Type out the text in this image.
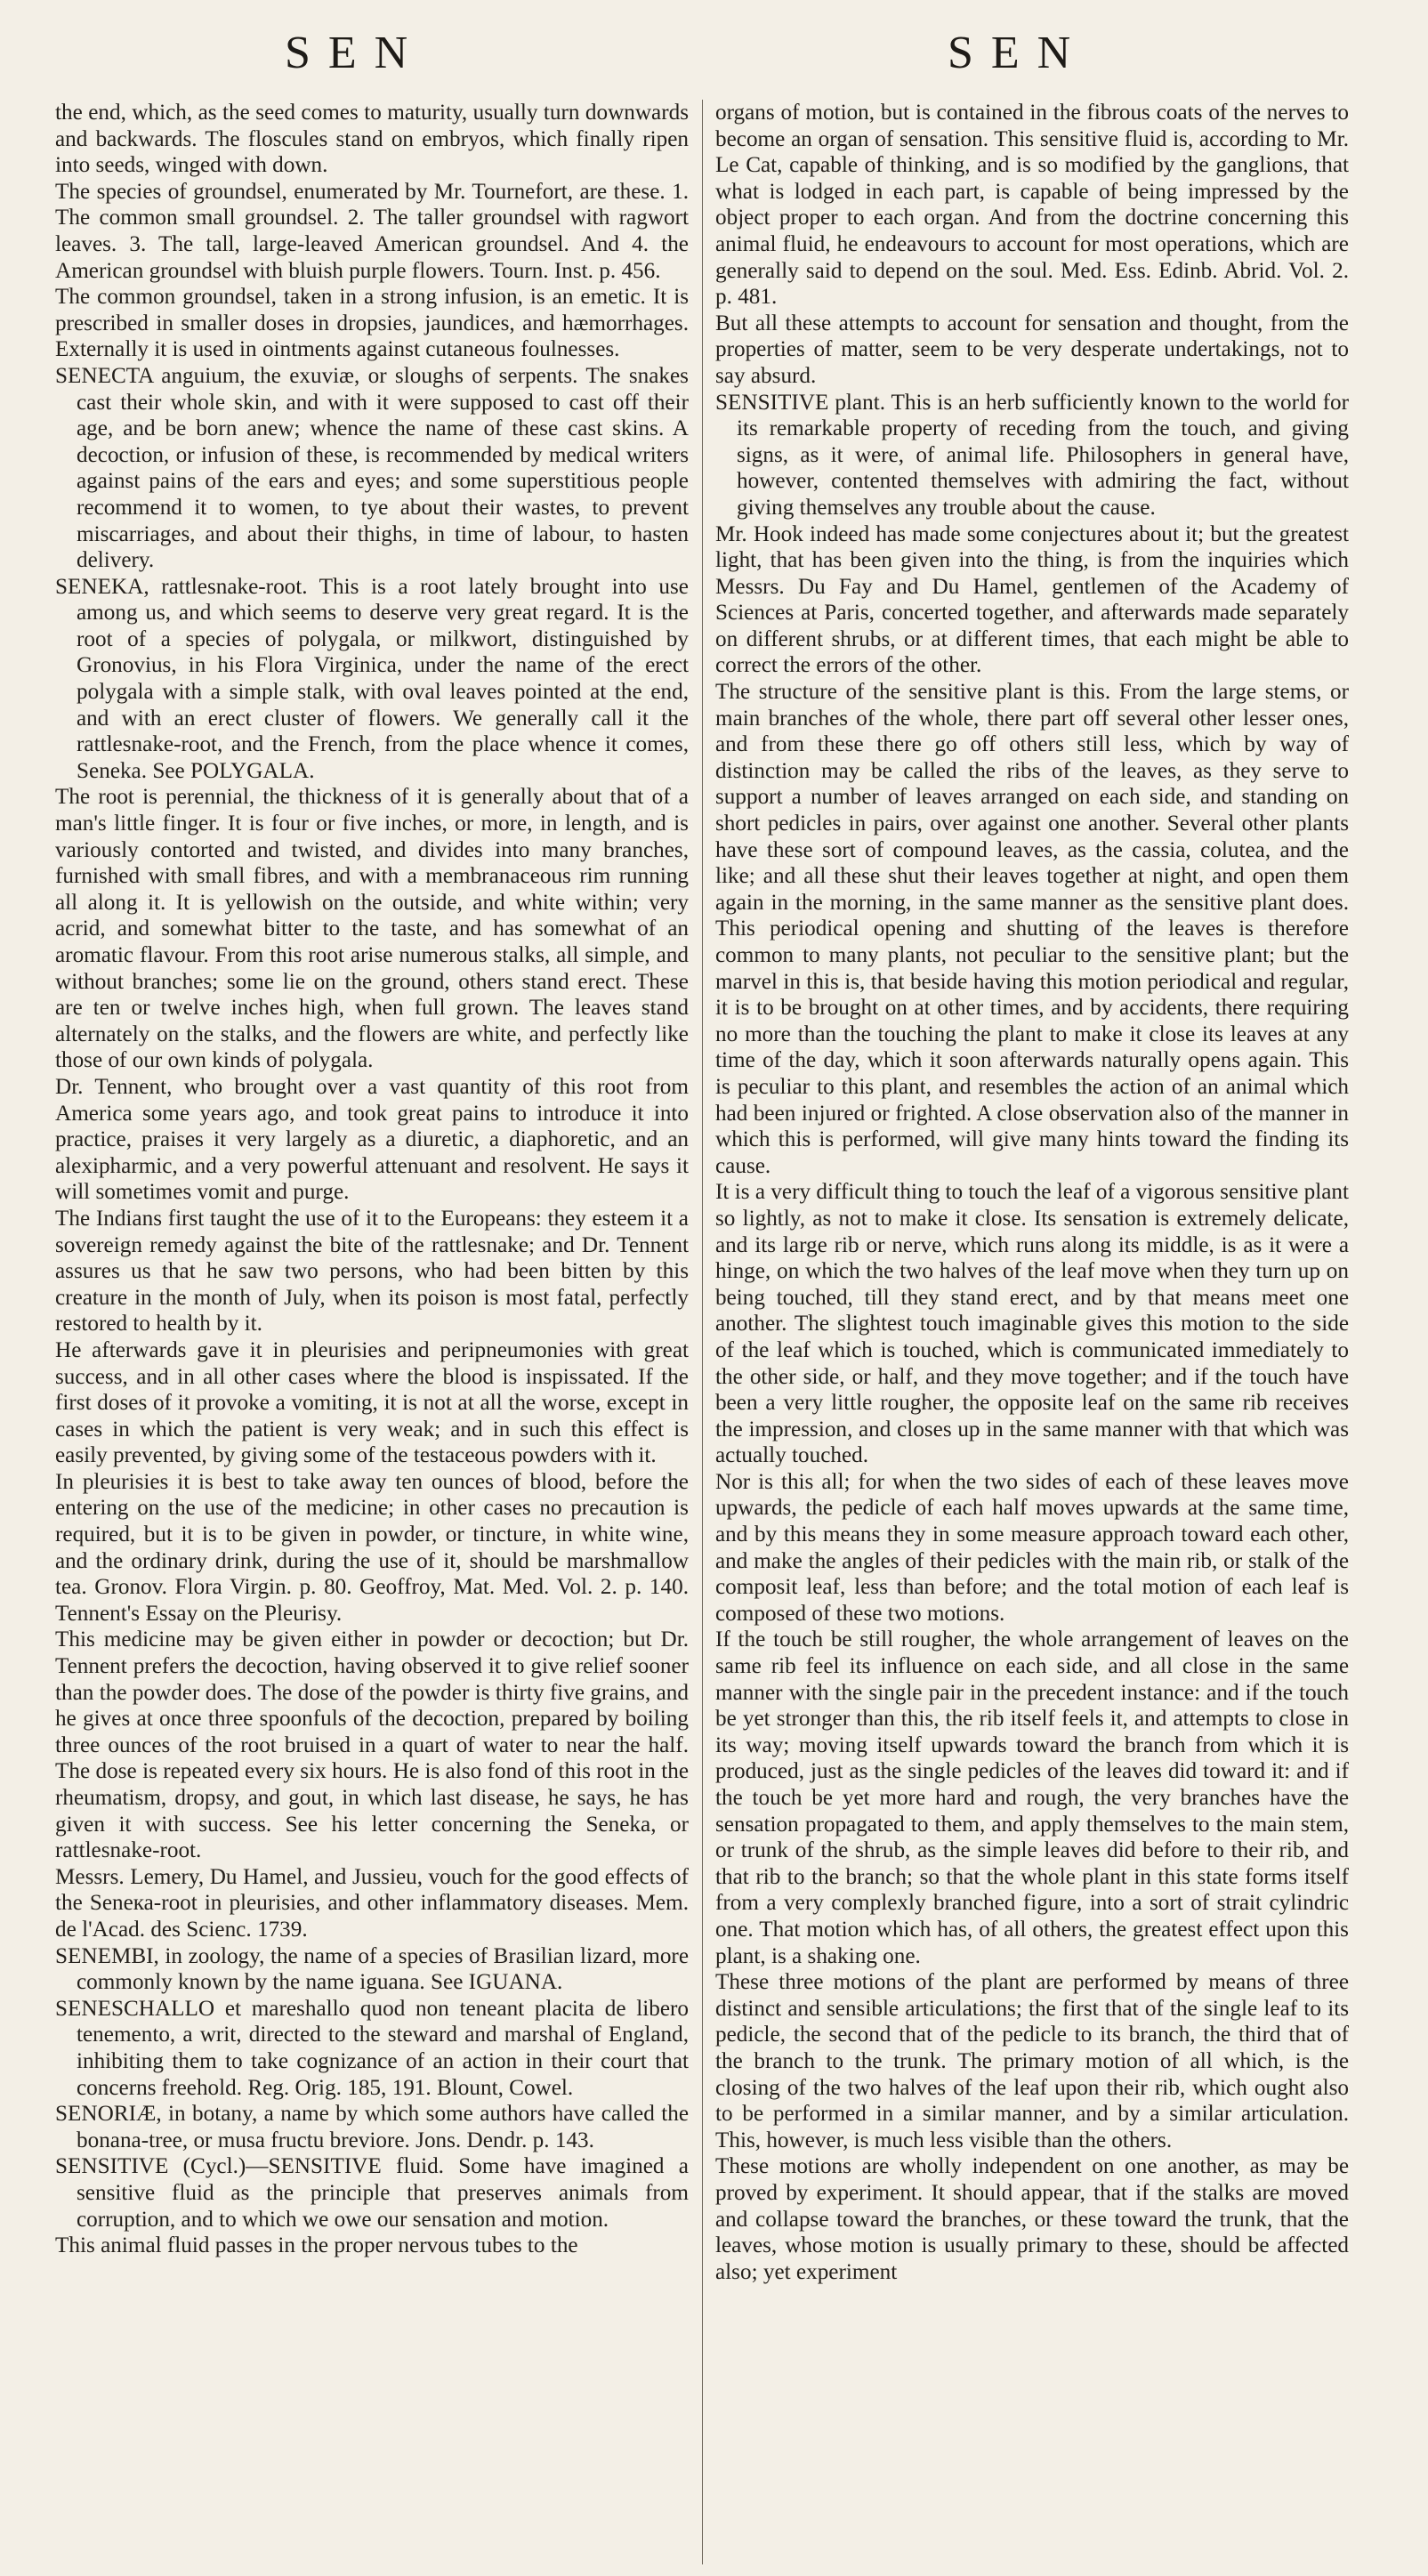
SEN	SEN

the end, which, as the seed comes to maturity, usually turn downwards and backwards. The floscules stand on embryos, which finally ripen into seeds, winged with down.

The species of groundsel, enumerated by Mr. Tournefort, are these. 1. The common small groundsel. 2. The taller groundsel with ragwort leaves. 3. The tall, large-leaved American groundsel. And 4. the American groundsel with bluish purple flowers. Tourn. Inst. p. 456.

The common groundsel, taken in a strong infusion, is an emetic. It is prescribed in smaller doses in dropsies, jaundices, and hæmorrhages. Externally it is used in ointments against cutaneous foulnesses.

SENECTA anguium, the exuviæ, or sloughs of serpents. The snakes cast their whole skin, and with it were supposed to cast off their age, and be born anew; whence the name of these cast skins. A decoction, or infusion of these, is recommended by medical writers against pains of the ears and eyes; and some superstitious people recommend it to women, to tye about their wastes, to prevent miscarriages, and about their thighs, in time of labour, to hasten delivery.

SENEKA, rattlesnake-root. This is a root lately brought into use among us, and which seems to deserve very great regard. It is the root of a species of polygala, or milkwort, distinguished by Gronovius, in his Flora Virginica, under the name of the erect polygala with a simple stalk, with oval leaves pointed at the end, and with an erect cluster of flowers. We generally call it the rattlesnake-root, and the French, from the place whence it comes, Seneka. See POLYGALA.

The root is perennial, the thickness of it is generally about that of a man's little finger. It is four or five inches, or more, in length, and is variously contorted and twisted, and divides into many branches, furnished with small fibres, and with a membranaceous rim running all along it. It is yellowish on the outside, and white within; very acrid, and somewhat bitter to the taste, and has somewhat of an aromatic flavour. From this root arise numerous stalks, all simple, and without branches; some lie on the ground, others stand erect. These are ten or twelve inches high, when full grown. The leaves stand alternately on the stalks, and the flowers are white, and perfectly like those of our own kinds of polygala.

Dr. Tennent, who brought over a vast quantity of this root from America some years ago, and took great pains to introduce it into practice, praises it very largely as a diuretic, a diaphoretic, and an alexipharmic, and a very powerful attenuant and resolvent. He says it will sometimes vomit and purge.

The Indians first taught the use of it to the Europeans: they esteem it a sovereign remedy against the bite of the rattlesnake; and Dr. Tennent assures us that he saw two persons, who had been bitten by this creature in the month of July, when its poison is most fatal, perfectly restored to health by it.

He afterwards gave it in pleurisies and peripneumonies with great success, and in all other cases where the blood is inspissated. If the first doses of it provoke a vomiting, it is not at all the worse, except in cases in which the patient is very weak; and in such this effect is easily prevented, by giving some of the testaceous powders with it.

In pleurisies it is best to take away ten ounces of blood, before the entering on the use of the medicine; in other cases no precaution is required, but it is to be given in powder, or tincture, in white wine, and the ordinary drink, during the use of it, should be marshmallow tea. Gronov. Flora Virgin. p. 80. Geoffroy, Mat. Med. Vol. 2. p. 140. Tennent's Essay on the Pleurisy.

This medicine may be given either in powder or decoction; but Dr. Tennent prefers the decoction, having observed it to give relief sooner than the powder does. The dose of the powder is thirty five grains, and he gives at once three spoonfuls of the decoction, prepared by boiling three ounces of the root bruised in a quart of water to near the half. The dose is repeated every six hours. He is also fond of this root in the rheumatism, dropsy, and gout, in which last disease, he says, he has given it with success. See his letter concerning the Seneka, or rattlesnake-root.

Messrs. Lemery, Du Hamel, and Jussieu, vouch for the good effects of the Senека-root in pleurisies, and other inflammatory diseases. Mem. de l'Acad. des Scienc. 1739.

SENEMBI, in zoology, the name of a species of Brasilian lizard, more commonly known by the name iguana. See IGUANA.

SENESCHALLO et mareshallo quod non teneant placita de libero tenemento, a writ, directed to the steward and marshal of England, inhibiting them to take cognizance of an action in their court that concerns freehold. Reg. Orig. 185, 191. Blount, Cowel.

SENORIÆ, in botany, a name by which some authors have called the bonana-tree, or musa fructu breviore. Jons. Dendr. p. 143.

SENSITIVE (Cycl.)—SENSITIVE fluid. Some have imagined a sensitive fluid as the principle that preserves animals from corruption, and to which we owe our sensation and motion.

This animal fluid passes in the proper nervous tubes to the

organs of motion, but is contained in the fibrous coats of the nerves to become an organ of sensation. This sensitive fluid is, according to Mr. Le Cat, capable of thinking, and is so modified by the ganglions, that what is lodged in each part, is capable of being impressed by the object proper to each organ. And from the doctrine concerning this animal fluid, he endeavours to account for most operations, which are generally said to depend on the soul. Med. Ess. Edinb. Abrid. Vol. 2. p. 481.

But all these attempts to account for sensation and thought, from the properties of matter, seem to be very desperate undertakings, not to say absurd.

SENSITIVE plant. This is an herb sufficiently known to the world for its remarkable property of receding from the touch, and giving signs, as it were, of animal life. Philosophers in general have, however, contented themselves with admiring the fact, without giving themselves any trouble about the cause.

Mr. Hook indeed has made some conjectures about it; but the greatest light, that has been given into the thing, is from the inquiries which Messrs. Du Fay and Du Hamel, gentlemen of the Academy of Sciences at Paris, concerted together, and afterwards made separately on different shrubs, or at different times, that each might be able to correct the errors of the other.

The structure of the sensitive plant is this. From the large stems, or main branches of the whole, there part off several other lesser ones, and from these there go off others still less, which by way of distinction may be called the ribs of the leaves, as they serve to support a number of leaves arranged on each side, and standing on short pedicles in pairs, over against one another. Several other plants have these sort of compound leaves, as the cassia, colutea, and the like; and all these shut their leaves together at night, and open them again in the morning, in the same manner as the sensitive plant does. This periodical opening and shutting of the leaves is therefore common to many plants, not peculiar to the sensitive plant; but the marvel in this is, that beside having this motion periodical and regular, it is to be brought on at other times, and by accidents, there requiring no more than the touching the plant to make it close its leaves at any time of the day, which it soon afterwards naturally opens again. This is peculiar to this plant, and resembles the action of an animal which had been injured or frighted. A close observation also of the manner in which this is performed, will give many hints toward the finding its cause.

It is a very difficult thing to touch the leaf of a vigorous sensitive plant so lightly, as not to make it close. Its sensation is extremely delicate, and its large rib or nerve, which runs along its middle, is as it were a hinge, on which the two halves of the leaf move when they turn up on being touched, till they stand erect, and by that means meet one another. The slightest touch imaginable gives this motion to the side of the leaf which is touched, which is communicated immediately to the other side, or half, and they move together; and if the touch have been a very little rougher, the opposite leaf on the same rib receives the impression, and closes up in the same manner with that which was actually touched.

Nor is this all; for when the two sides of each of these leaves move upwards, the pedicle of each half moves upwards at the same time, and by this means they in some measure approach toward each other, and make the angles of their pedicles with the main rib, or stalk of the composit leaf, less than before; and the total motion of each leaf is composed of these two motions.

If the touch be still rougher, the whole arrangement of leaves on the same rib feel its influence on each side, and all close in the same manner with the single pair in the precedent instance: and if the touch be yet stronger than this, the rib itself feels it, and attempts to close in its way; moving itself upwards toward the branch from which it is produced, just as the single pedicles of the leaves did toward it: and if the touch be yet more hard and rough, the very branches have the sensation propagated to them, and apply themselves to the main stem, or trunk of the shrub, as the simple leaves did before to their rib, and that rib to the branch; so that the whole plant in this state forms itself from a very complexly branched figure, into a sort of strait cylindric one. That motion which has, of all others, the greatest effect upon this plant, is a shaking one.

These three motions of the plant are performed by means of three distinct and sensible articulations; the first that of the single leaf to its pedicle, the second that of the pedicle to its branch, the third that of the branch to the trunk. The primary motion of all which, is the closing of the two halves of the leaf upon their rib, which ought also to be performed in a similar manner, and by a similar articulation. This, however, is much less visible than the others.

These motions are wholly independent on one another, as may be proved by experiment. It should appear, that if the stalks are moved and collapse toward the branches, or these toward the trunk, that the leaves, whose motion is usually primary to these, should be affected also; yet experiment
